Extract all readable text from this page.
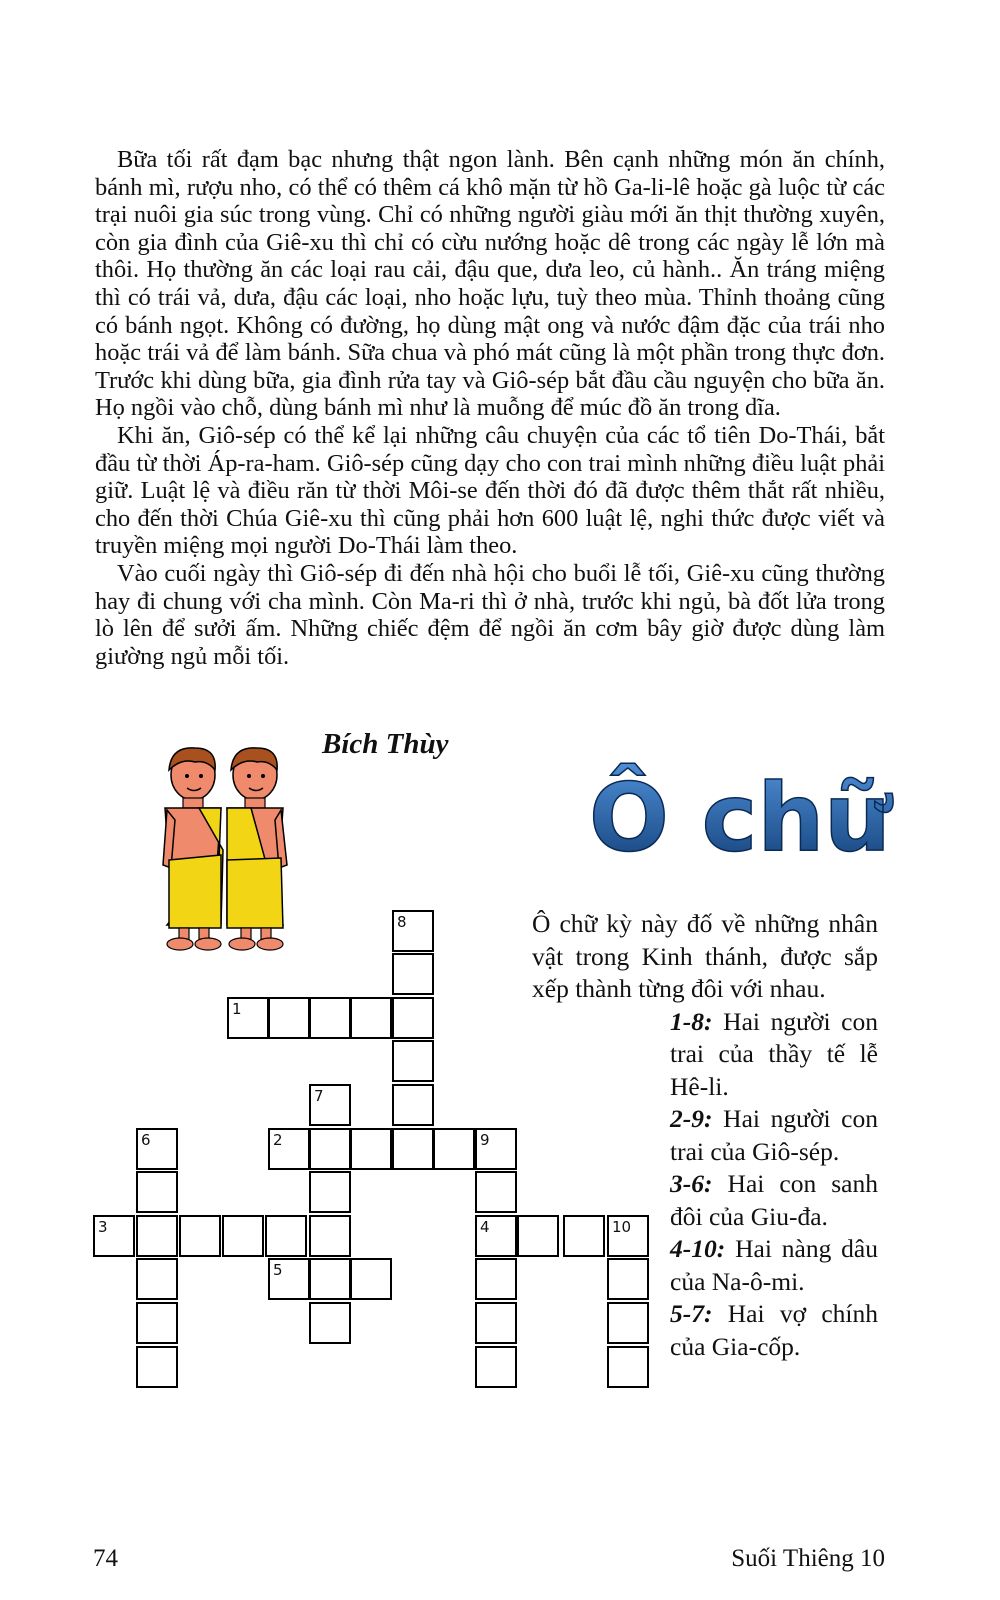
Bữa tối rất đạm bạc nhưng thật ngon lành. Bên cạnh những món ăn chính, bánh mì, rượu nho, có thể có thêm cá khô mặn từ hồ Ga-li-lê hoặc gà luộc từ các trại nuôi gia súc trong vùng. Chỉ có những người giàu mới ăn thịt thường xuyên, còn gia đình của Giê-xu thì chỉ có cừu nướng hoặc dê trong các ngày lễ lớn mà thôi. Họ thường ăn các loại rau cải, đậu que, dưa leo, củ hành.. Ăn tráng miệng thì có trái vả, dưa, đậu các loại, nho hoặc lựu, tuỳ theo mùa. Thỉnh thoảng cũng có bánh ngọt. Không có đường, họ dùng mật ong và nước đậm đặc của trái nho hoặc trái vả để làm bánh. Sữa chua và phó mát cũng là một phần trong thực đơn. Trước khi dùng bữa, gia đình rửa tay và Giô-sép bắt đầu cầu nguyện cho bữa ăn. Họ ngồi vào chỗ, dùng bánh mì như là muỗng để múc đồ ăn trong dĩa.

Khi ăn, Giô-sép có thể kể lại những câu chuyện của các tổ tiên Do-Thái, bắt đầu từ thời Áp-ra-ham. Giô-sép cũng dạy cho con trai mình những điều luật phải giữ. Luật lệ và điều răn từ thời Môi-se đến thời đó đã được thêm thắt rất nhiều, cho đến thời Chúa Giê-xu thì cũng phải hơn 600 luật lệ, nghi thức được viết và truyền miệng mọi người Do-Thái làm theo.

Vào cuối ngày thì Giô-sép đi đến nhà hội cho buổi lễ tối, Giê-xu cũng thường hay đi chung với cha mình. Còn Ma-ri thì ở nhà, trước khi ngủ, bà đốt lửa trong lò lên để sưởi ấm. Những chiếc đệm để ngồi ăn cơm bây giờ được dùng làm giường ngủ mỗi tối.

Bích Thùy
Ô chữ
8
1
7
2	9
6
3
5
4	10

Ô chữ kỳ này đố về những nhân vật trong Kinh thánh, được sắp xếp thành từng đôi với nhau.

1-8: Hai người con trai của thầy tế lễ Hê-li.

2-9: Hai người con trai của Giô-sép.

3-6: Hai con sanh đôi của Giu-đa.

4-10: Hai nàng dâu của Na-ô-mi.

5-7: Hai vợ chính của Gia-cốp.

74	Suối Thiêng 10
